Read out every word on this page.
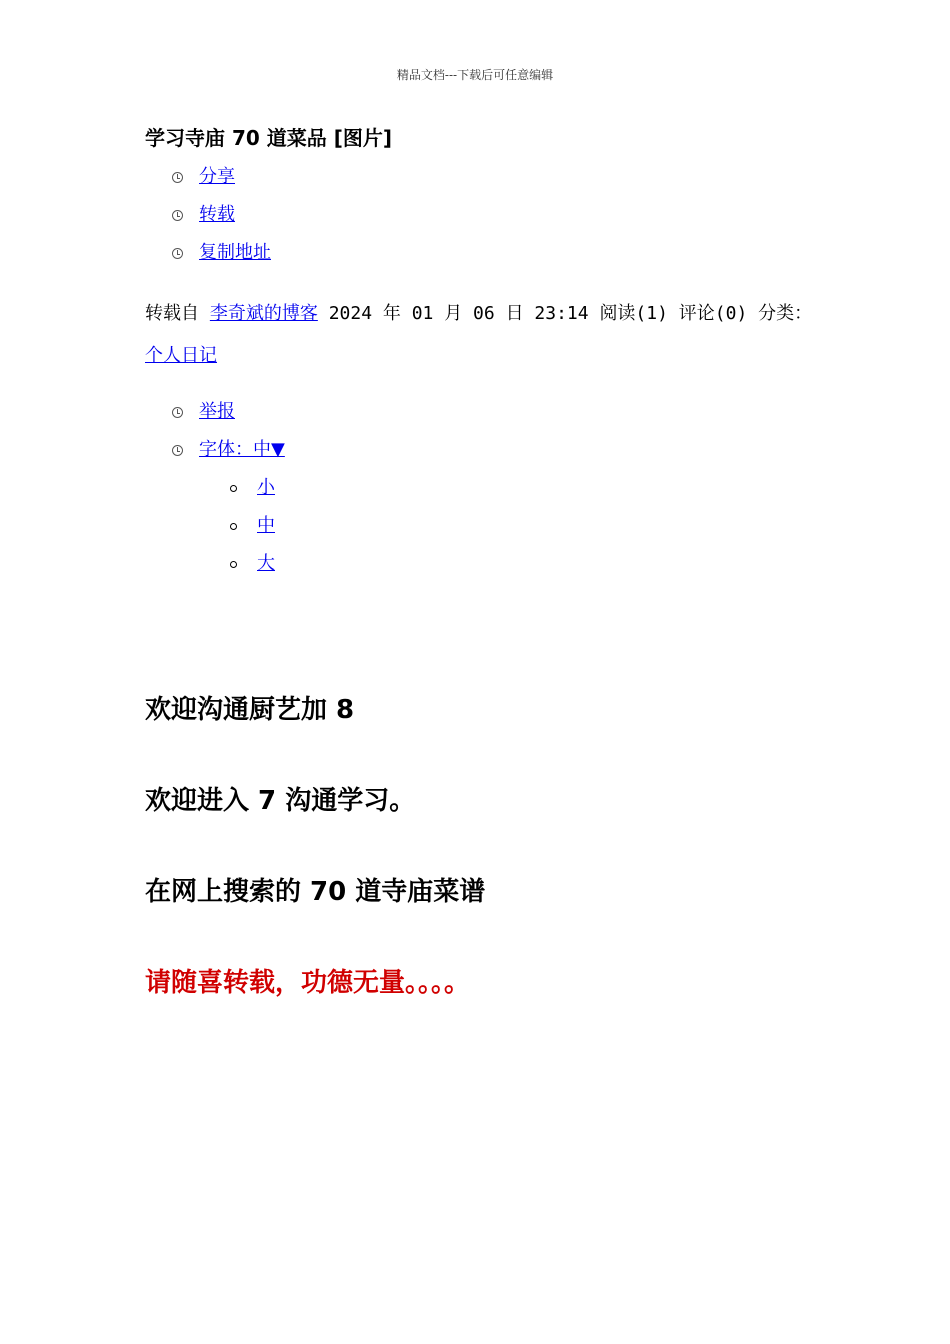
精品文档---下载后可任意编辑
学习寺庙 70 道菜品 [图片]
分享
转载
复制地址
转载自 李奇斌的博客 2024 年 01 月 06 日 23:14 阅读(1) 评论(0) 分类：个人日记
举报
字体：中▼
小
中
大
欢迎沟通厨艺加 8
欢迎进入 7 沟通学习。
在网上搜索的 70 道寺庙菜谱
请随喜转载，功德无量。。。。
